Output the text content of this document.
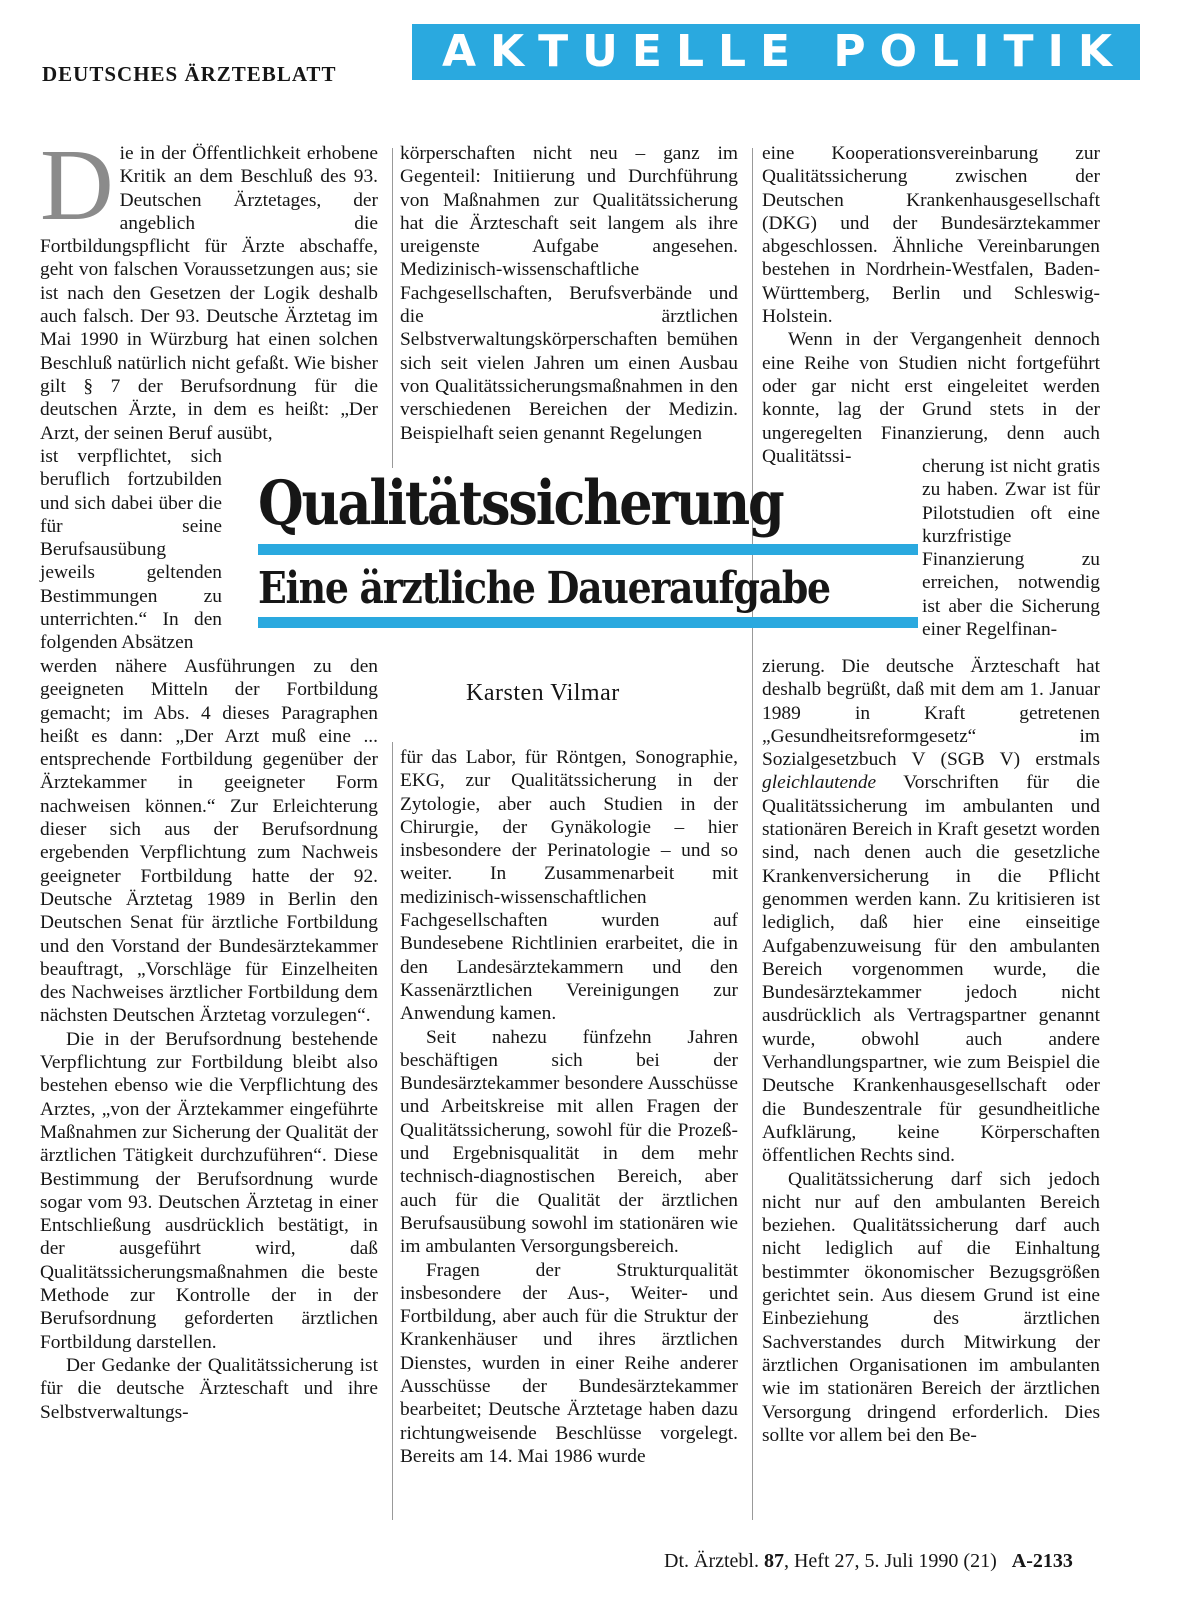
DEUTSCHES ÄRZTEBLATT	AKTUELLE POLITIK

Die in der Öffentlichkeit erhobene Kritik an dem Beschluß des 93. Deutschen Ärztetages, der angeblich die Fortbildungspflicht für Ärzte abschaffe, geht von falschen Voraussetzungen aus; sie ist nach den Gesetzen der Logik deshalb auch falsch. Der 93. Deutsche Ärztetag im Mai 1990 in Würzburg hat einen solchen Beschluß natürlich nicht gefaßt. Wie bisher gilt § 7 der Berufsordnung für die deutschen Ärzte, in dem es heißt: „Der Arzt, der seinen Beruf ausübt,

ist verpflichtet, sich beruflich fortzubilden und sich dabei über die für seine Berufsausübung jeweils geltenden Bestimmungen zu unterrichten.“ In den folgenden Absätzen

werden nähere Ausführungen zu den geeigneten Mitteln der Fortbildung gemacht; im Abs. 4 dieses Paragraphen heißt es dann: „Der Arzt muß eine ... entsprechende Fortbildung gegenüber der Ärztekammer in geeigneter Form nachweisen können.“ Zur Erleichterung dieser sich aus der Berufsordnung ergebenden Verpflichtung zum Nachweis geeigneter Fortbildung hatte der 92. Deutsche Ärztetag 1989 in Berlin den Deutschen Senat für ärztliche Fortbildung und den Vorstand der Bundesärztekammer beauftragt, „Vorschläge für Einzelheiten des Nachweises ärztlicher Fortbildung dem nächsten Deutschen Ärztetag vorzulegen“.

Die in der Berufsordnung bestehende Verpflichtung zur Fortbildung bleibt also bestehen ebenso wie die Verpflichtung des Arztes, „von der Ärztekammer eingeführte Maßnahmen zur Sicherung der Qualität der ärztlichen Tätigkeit durchzuführen“. Diese Bestimmung der Berufsordnung wurde sogar vom 93. Deutschen Ärztetag in einer Entschließung ausdrücklich bestätigt, in der ausgeführt wird, daß Qualitätssicherungsmaßnahmen die beste Methode zur Kontrolle der in der Berufsordnung geforderten ärztlichen Fortbildung darstellen.

Der Gedanke der Qualitätssicherung ist für die deutsche Ärzteschaft und ihre Selbstverwaltungs-

körperschaften nicht neu – ganz im Gegenteil: Initiierung und Durchführung von Maßnahmen zur Qualitätssicherung hat die Ärzteschaft seit langem als ihre ureigenste Aufgabe angesehen. Medizinisch-wissenschaftliche Fachgesellschaften, Berufsverbände und die ärztlichen Selbstverwaltungskörperschaften bemühen sich seit vielen Jahren um einen Ausbau von Qualitätssicherungsmaßnahmen in den verschiedenen Bereichen der Medizin. Beispielhaft seien genannt Regelungen

für das Labor, für Röntgen, Sonographie, EKG, zur Qualitätssicherung in der Zytologie, aber auch Studien in der Chirurgie, der Gynäkologie – hier insbesondere der Perinatologie – und so weiter. In Zusammenarbeit mit medizinisch-wissenschaftlichen Fachgesellschaften wurden auf Bundesebene Richtlinien erarbeitet, die in den Landesärztekammern und den Kassenärztlichen Vereinigungen zur Anwendung kamen.

Seit nahezu fünfzehn Jahren beschäftigen sich bei der Bundesärztekammer besondere Ausschüsse und Arbeitskreise mit allen Fragen der Qualitätssicherung, sowohl für die Prozeß- und Ergebnisqualität in dem mehr technisch-diagnostischen Bereich, aber auch für die Qualität der ärztlichen Berufsausübung sowohl im stationären wie im ambulanten Versorgungsbereich.

Fragen der Strukturqualität insbesondere der Aus-, Weiter- und Fortbildung, aber auch für die Struktur der Krankenhäuser und ihres ärztlichen Dienstes, wurden in einer Reihe anderer Ausschüsse der Bundesärztekammer bearbeitet; Deutsche Ärztetage haben dazu richtungweisende Beschlüsse vorgelegt. Bereits am 14. Mai 1986 wurde

eine Kooperationsvereinbarung zur Qualitätssicherung zwischen der Deutschen Krankenhausgesellschaft (DKG) und der Bundesärztekammer abgeschlossen. Ähnliche Vereinbarungen bestehen in Nordrhein-Westfalen, Baden-Württemberg, Berlin und Schleswig-Holstein.

Wenn in der Vergangenheit dennoch eine Reihe von Studien nicht fortgeführt oder gar nicht erst eingeleitet werden konnte, lag der Grund stets in der ungeregelten Finanzierung, denn auch Qualitätssi-	cherung ist nicht gratis zu haben. Zwar ist für Pilotstudien oft eine kurzfristige Finanzierung zu erreichen, notwendig ist aber die Sicherung einer Regelfinan-

zierung. Die deutsche Ärzteschaft hat deshalb begrüßt, daß mit dem am 1. Januar 1989 in Kraft getretenen „Gesundheitsreformgesetz“ im Sozialgesetzbuch V (SGB V) erstmals gleichlautende Vorschriften für die Qualitätssicherung im ambulanten und stationären Bereich in Kraft gesetzt worden sind, nach denen auch die gesetzliche Krankenversicherung in die Pflicht genommen werden kann. Zu kritisieren ist lediglich, daß hier eine einseitige Aufgabenzuweisung für den ambulanten Bereich vorgenommen wurde, die Bundesärztekammer jedoch nicht ausdrücklich als Vertragspartner genannt wurde, obwohl auch andere Verhandlungspartner, wie zum Beispiel die Deutsche Krankenhausgesellschaft oder die Bundeszentrale für gesundheitliche Aufklärung, keine Körperschaften öffentlichen Rechts sind.

Qualitätssicherung darf sich jedoch nicht nur auf den ambulanten Bereich beziehen. Qualitätssicherung darf auch nicht lediglich auf die Einhaltung bestimmter ökonomischer Bezugsgrößen gerichtet sein. Aus diesem Grund ist eine Einbeziehung des ärztlichen Sachverstandes durch Mitwirkung der ärztlichen Organisationen im ambulanten wie im stationären Bereich der ärztlichen Versorgung dringend erforderlich. Dies sollte vor allem bei den Be-

Qualitätssicherung
Eine ärztliche Daueraufgabe
Karsten Vilmar
Dt. Ärztebl. 87, Heft 27, 5. Juli 1990 (21) A-2133
